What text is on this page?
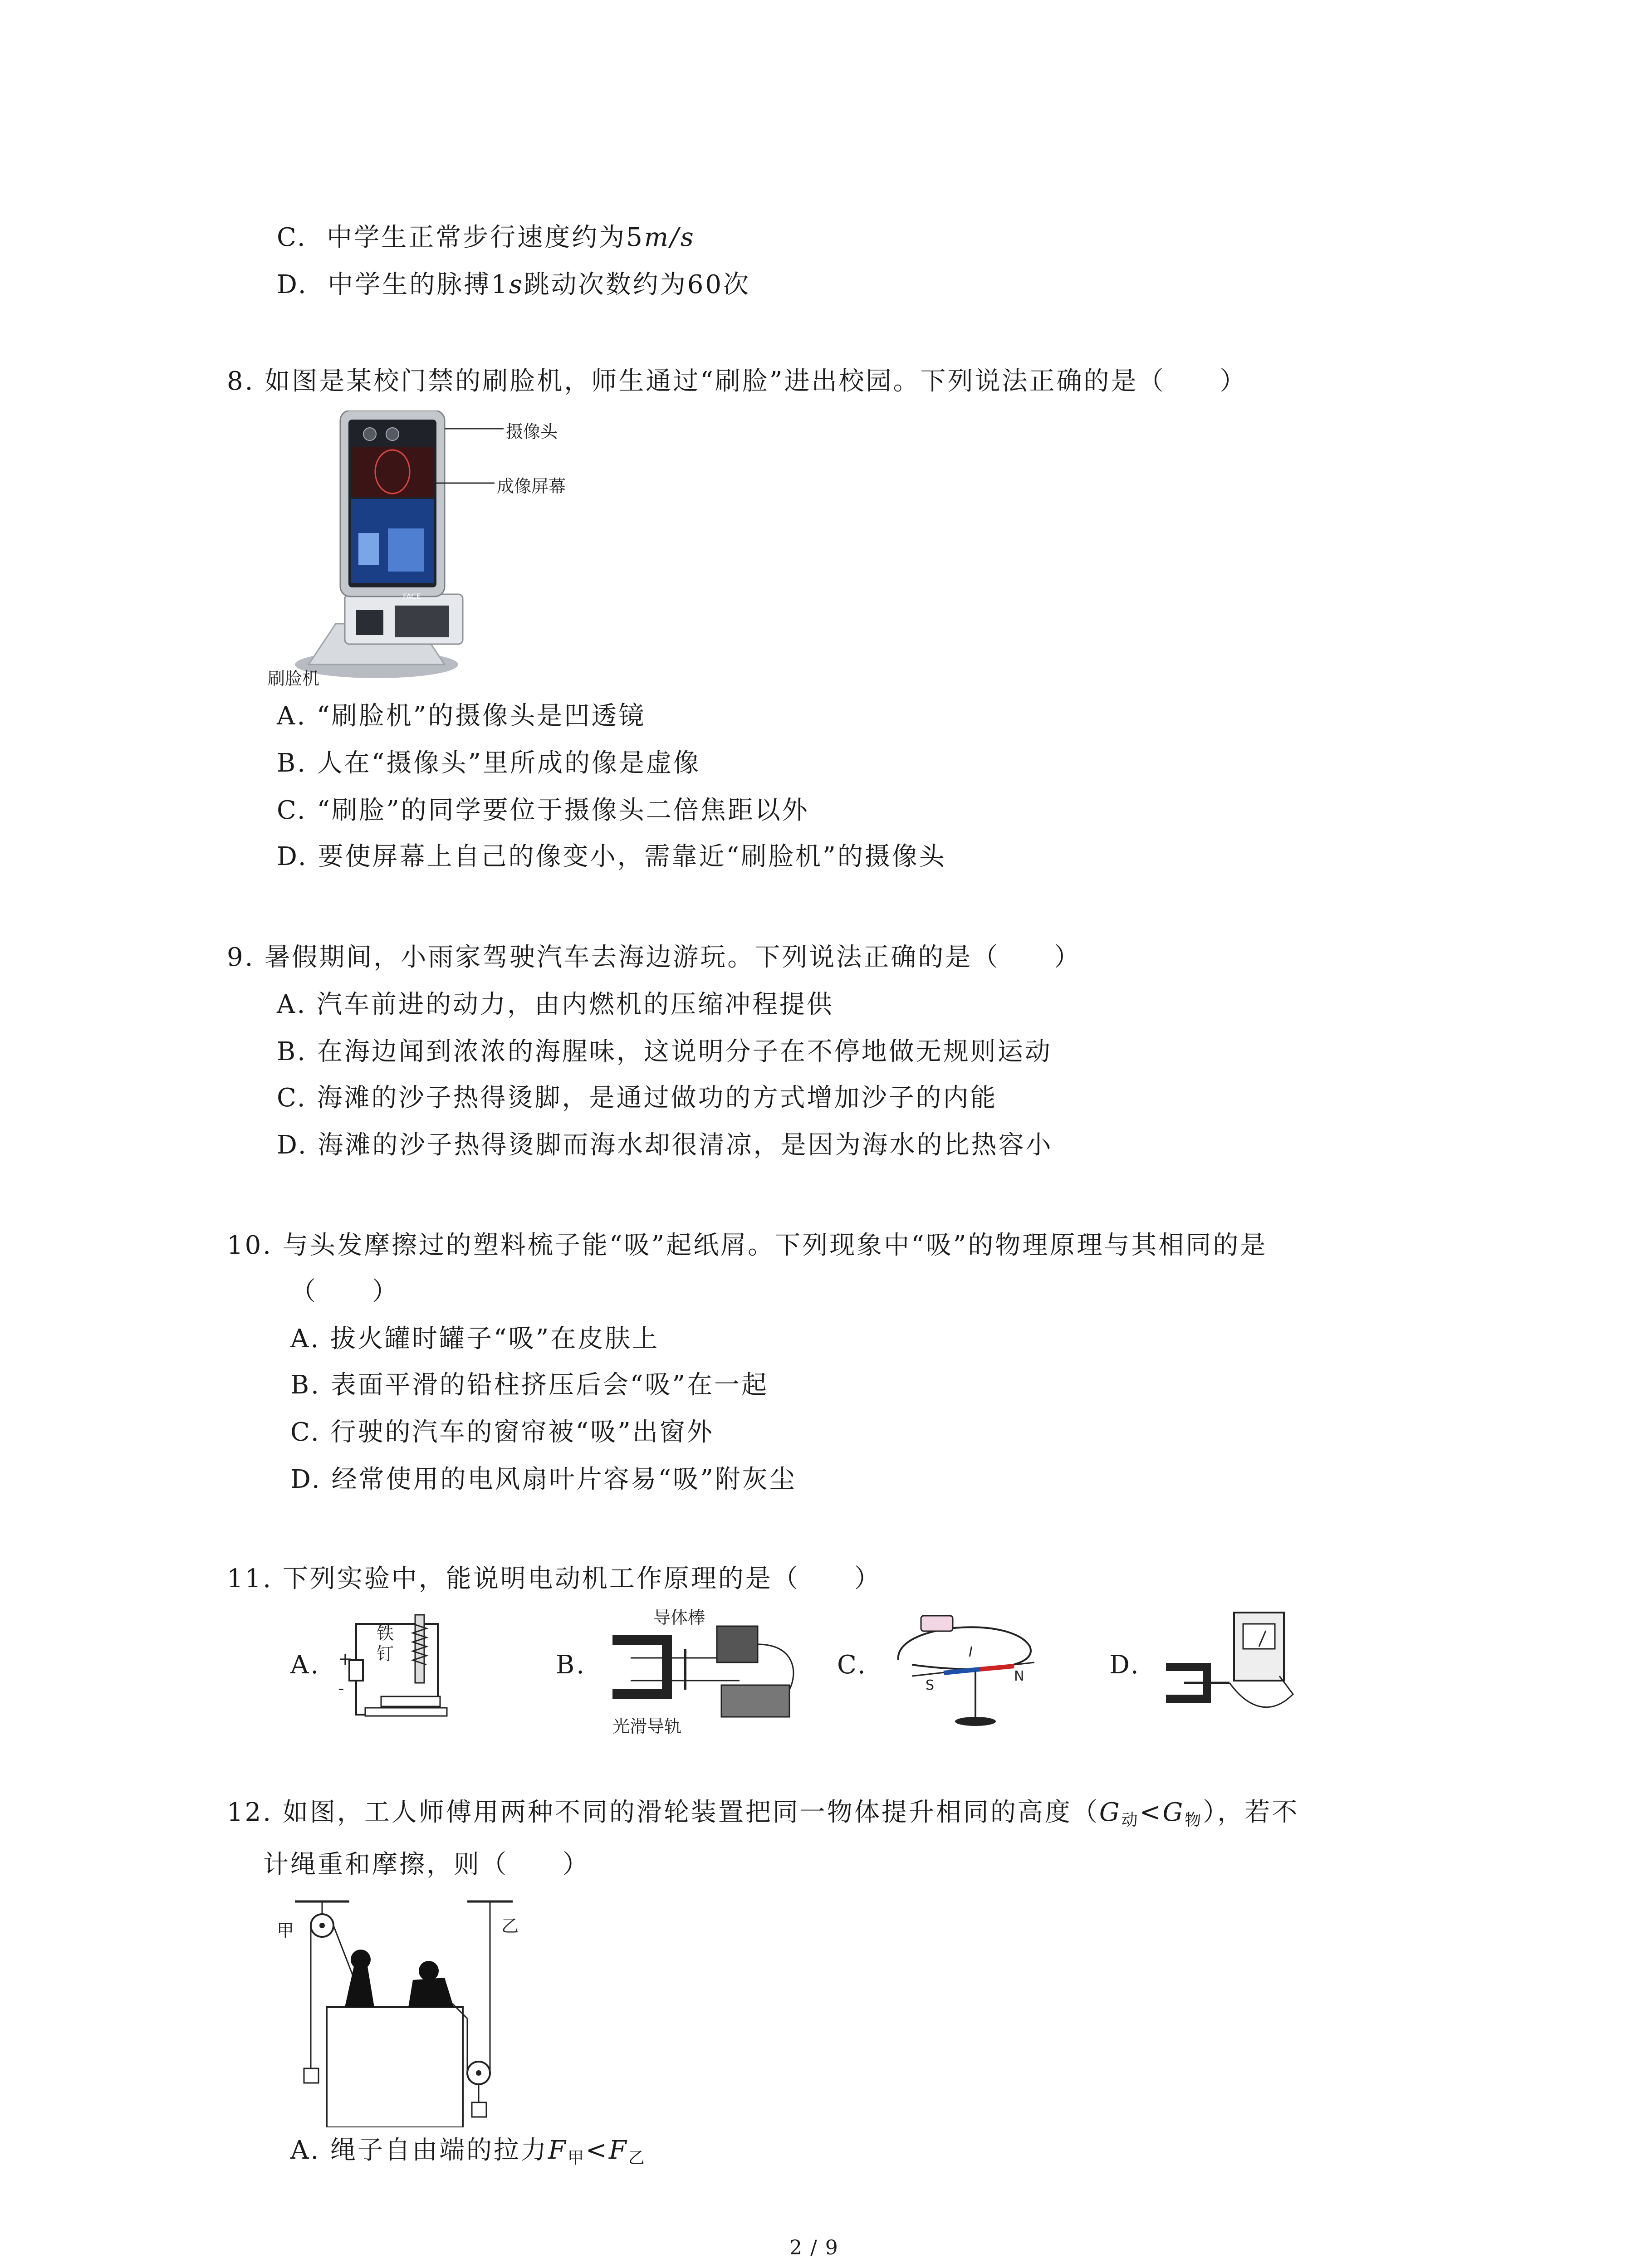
C. 中学生正常步行速度约为5m/s
D. 中学生的脉搏1s跳动次数约为60次
8. 如图是某校门禁的刷脸机，师生通过“刷脸”进出校园。下列说法正确的是（　　）
摄像头
成像屏幕
刷脸机
FACE
A. “刷脸机”的摄像头是凹透镜
B. 人在“摄像头”里所成的像是虚像
C. “刷脸”的同学要位于摄像头二倍焦距以外
D. 要使屏幕上自己的像变小，需靠近“刷脸机”的摄像头
9. 暑假期间，小雨家驾驶汽车去海边游玩。下列说法正确的是（　　）
A. 汽车前进的动力，由内燃机的压缩冲程提供
B. 在海边闻到浓浓的海腥味，这说明分子在不停地做无规则运动
C. 海滩的沙子热得烫脚，是通过做功的方式增加沙子的内能
D. 海滩的沙子热得烫脚而海水却很清凉，是因为海水的比热容小
10. 与头发摩擦过的塑料梳子能“吸”起纸屑。下列现象中“吸”的物理原理与其相同的是
（　　）
A. 拔火罐时罐子“吸”在皮肤上
B. 表面平滑的铅柱挤压后会“吸”在一起
C. 行驶的汽车的窗帘被“吸”出窗外
D. 经常使用的电风扇叶片容易“吸”附灰尘
11. 下列实验中，能说明电动机工作原理的是（　　）
A.
铁
钉
+
-
B.
导体棒
光滑导轨
N
S
C.
S
N
I	D.
12. 如图，工人师傅用两种不同的滑轮装置把同一物体提升相同的高度$(G_动<G_物)$，若不
计绳重和摩擦，则（　　）
甲	乙
A. 绳子自由端的拉力$F_甲<F_乙$
2 / 9
